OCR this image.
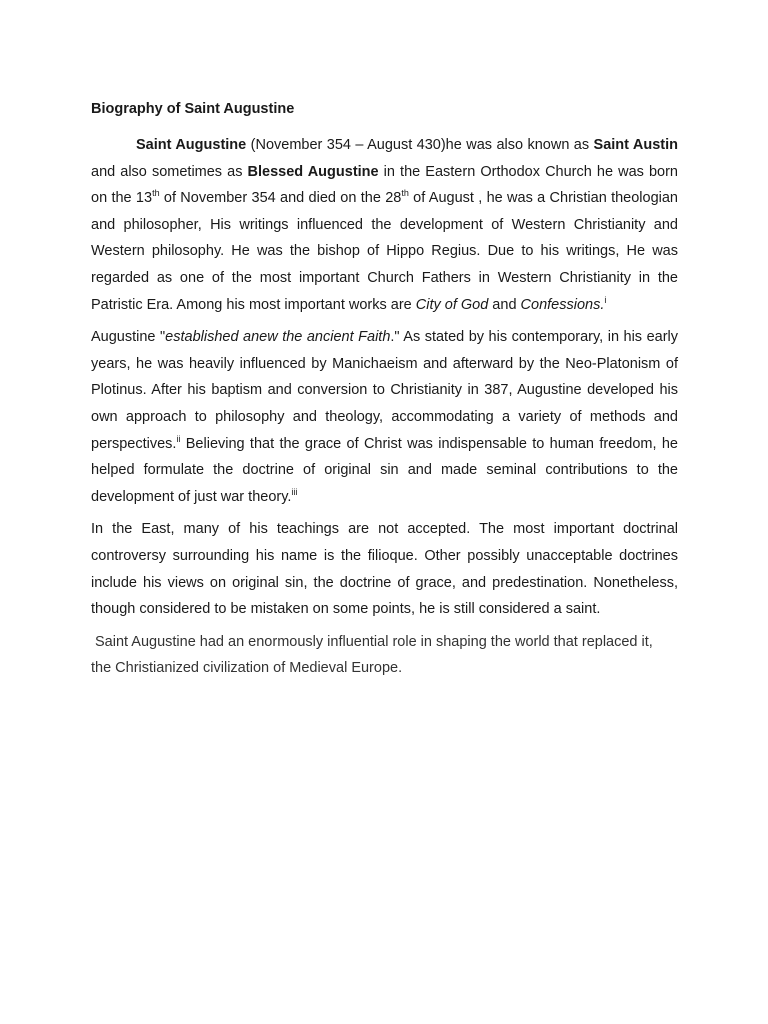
Biography of Saint Augustine

Saint Augustine (November 354 – August 430)he was also known as Saint Austin and also sometimes as Blessed Augustine in the Eastern Orthodox Church he was born on the 13th of November 354 and died on the 28th of August , he was a Christian theologian and philosopher, His writings influenced the development of Western Christianity and Western philosophy. He was the bishop of Hippo Regius. Due to his writings, He was regarded as one of the most important Church Fathers in Western Christianity in the Patristic Era. Among his most important works are City of God and Confessions.$^i$

Augustine "established anew the ancient Faith." As stated by his contemporary, in his early years, he was heavily influenced by Manichaeism and afterward by the Neo-Platonism of Plotinus. After his baptism and conversion to Christianity in 387, Augustine developed his own approach to philosophy and theology, accommodating a variety of methods and perspectives.$^{ii}$ Believing that the grace of Christ was indispensable to human freedom, he helped formulate the doctrine of original sin and made seminal contributions to the development of just war theory.$^{iii}$

In the East, many of his teachings are not accepted. The most important doctrinal controversy surrounding his name is the filioque. Other possibly unacceptable doctrines include his views on original sin, the doctrine of grace, and predestination. Nonetheless, though considered to be mistaken on some points, he is still considered a saint.

Saint Augustine had an enormously influential role in shaping the world that replaced it,
the Christianized civilization of Medieval Europe.
